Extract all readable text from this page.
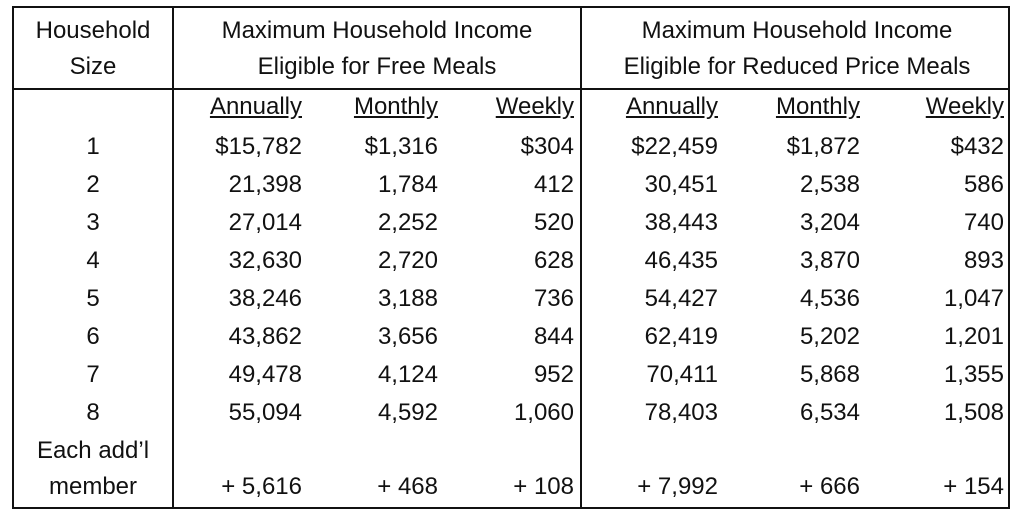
Household
Size
Maximum Household Income
Eligible for Free Meals
Maximum Household Income
Eligible for Reduced Price Meals
Annually	Monthly	Weekly	Annually	Monthly	Weekly
1	$15,782	$1,316	$304	$22,459	$1,872	$432
2	21,398	1,784	412	30,451	2,538	586
3	27,014	2,252	520	38,443	3,204	740
4	32,630	2,720	628	46,435	3,870	893
5	38,246	3,188	736	54,427	4,536	1,047
6	43,862	3,656	844	62,419	5,202	1,201
7	49,478	4,124	952	70,411	5,868	1,355
8	55,094	4,592	1,060	78,403	6,534	1,508
Each add’l
member	+ 5,616	+ 468	+ 108	+ 7,992	+ 666	+ 154
